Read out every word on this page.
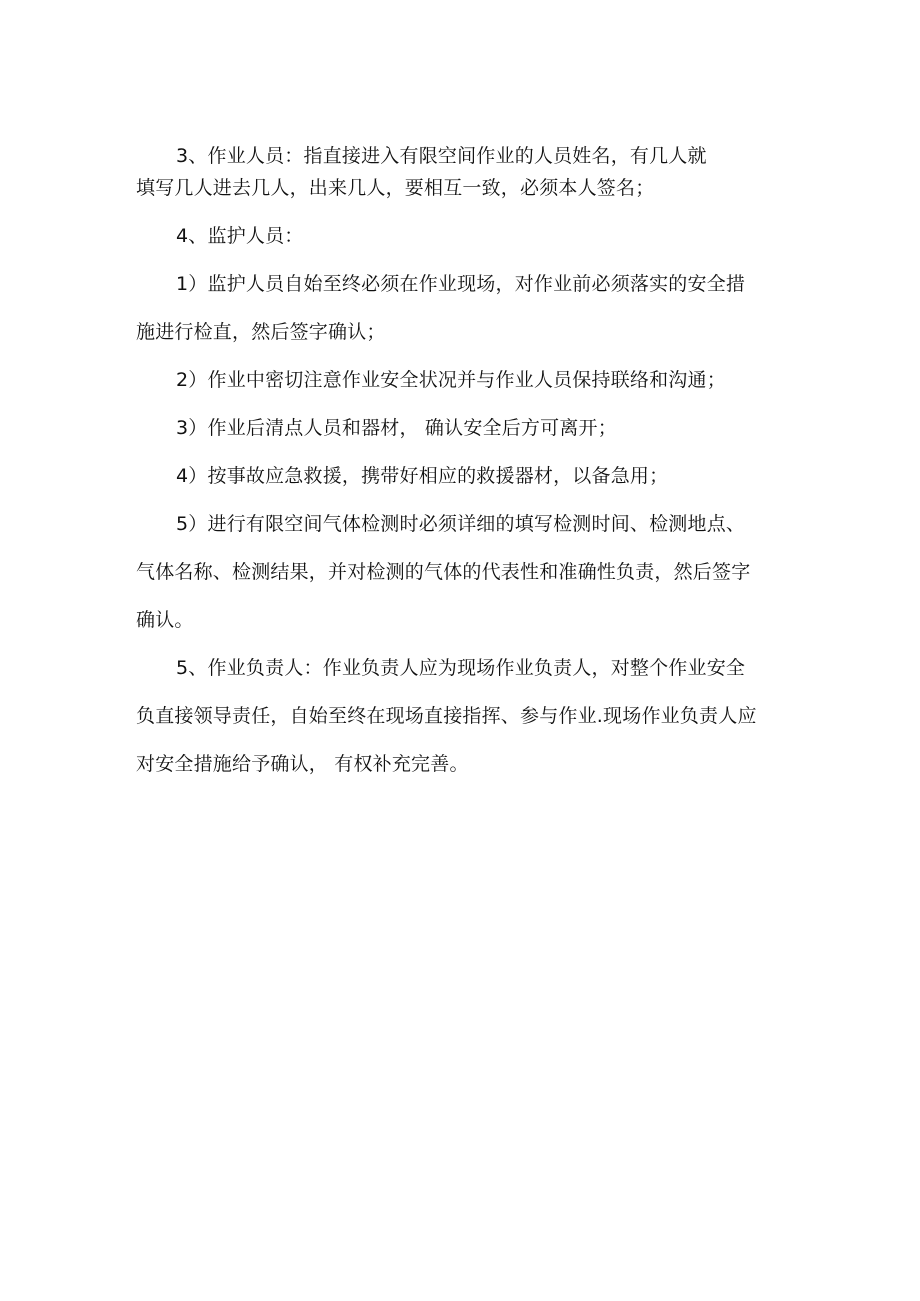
3、作业人员：指直接进入有限空间作业的人员姓名，有几人就
填写几人进去几人，出来几人，要相互一致，必须本人签名；
4、监护人员：
1）监护人员自始至终必须在作业现场，对作业前必须落实的安全措
施进行检直，然后签字确认；
2）作业中密切注意作业安全状况并与作业人员保持联络和沟通；
3）作业后清点人员和器材， 确认安全后方可离开；
4）按事故应急救援，携带好相应的救援器材，以备急用；
5）进行有限空间气体检测时必须详细的填写检测时间、检测地点、
气体名称、检测结果，并对检测的气体的代表性和准确性负责，然后签字
确认。
5、作业负责人：作业负责人应为现场作业负责人，对整个作业安全
负直接领导责任，自始至终在现场直接指挥、参与作业.现场作业负责人应
对安全措施给予确认， 有权补充完善。
